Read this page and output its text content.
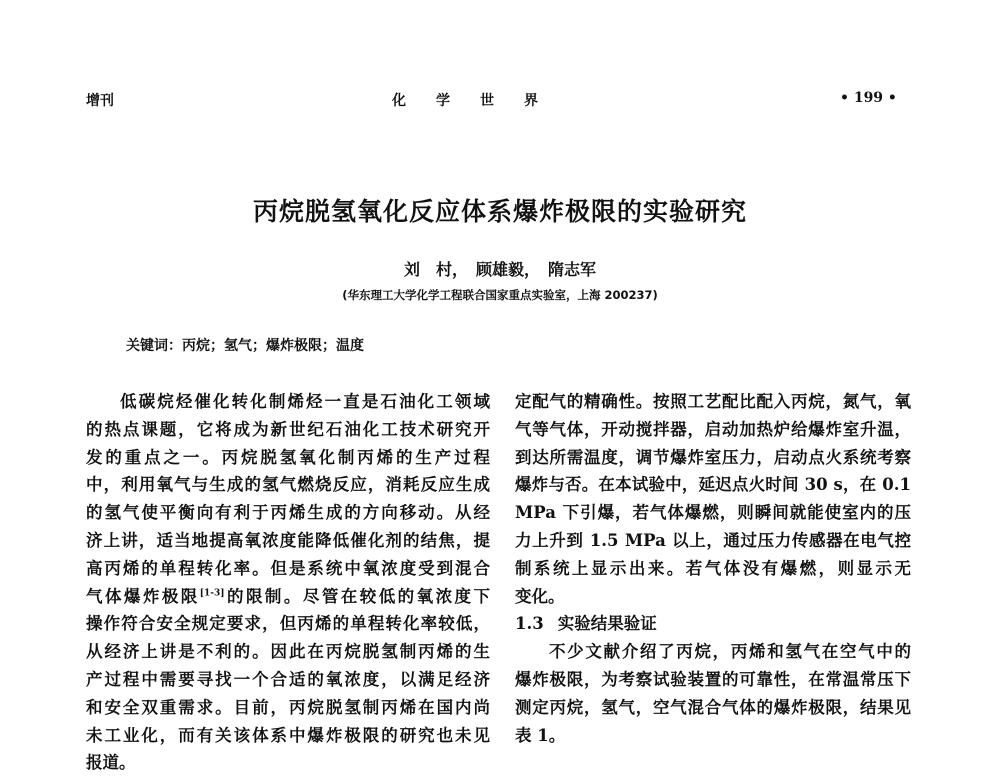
增刊	化学世界	• 199 •
丙烷脱氢氧化反应体系爆炸极限的实验研究
刘　村，　顾雄毅，　隋志军
(华东理工大学化学工程联合国家重点实验室，上海 200237)
关键词：丙烷；氢气；爆炸极限；温度
低碳烷烃催化转化制烯烃一直是石油化工领域
的热点课题，它将成为新世纪石油化工技术研究开
发的重点之一。丙烷脱氢氧化制丙烯的生产过程
中，利用氧气与生成的氢气燃烧反应，消耗反应生成
的氢气使平衡向有利于丙烯生成的方向移动。从经
济上讲，适当地提高氧浓度能降低催化剂的结焦，提
高丙烯的单程转化率。但是系统中氧浓度受到混合
气体爆炸极限[1-3]的限制。尽管在较低的氧浓度下
操作符合安全规定要求，但丙烯的单程转化率较低，
从经济上讲是不利的。因此在丙烷脱氢制丙烯的生
产过程中需要寻找一个合适的氧浓度，以满足经济
和安全双重需求。目前，丙烷脱氢制丙烯在国内尚
未工业化，而有关该体系中爆炸极限的研究也未见
报道。
定配气的精确性。按照工艺配比配入丙烷，氮气，氧
气等气体，开动搅拌器，启动加热炉给爆炸室升温，
到达所需温度，调节爆炸室压力，启动点火系统考察
爆炸与否。在本试验中，延迟点火时间 30 s，在 0.1
MPa 下引爆，若气体爆燃，则瞬间就能使室内的压
力上升到 1.5 MPa 以上，通过压力传感器在电气控
制系统上显示出来。若气体没有爆燃，则显示无
变化。
1.3 实验结果验证
不少文献介绍了丙烷，丙烯和氢气在空气中的
爆炸极限，为考察试验装置的可靠性，在常温常压下
测定丙烷，氢气，空气混合气体的爆炸极限，结果见
表 1。
